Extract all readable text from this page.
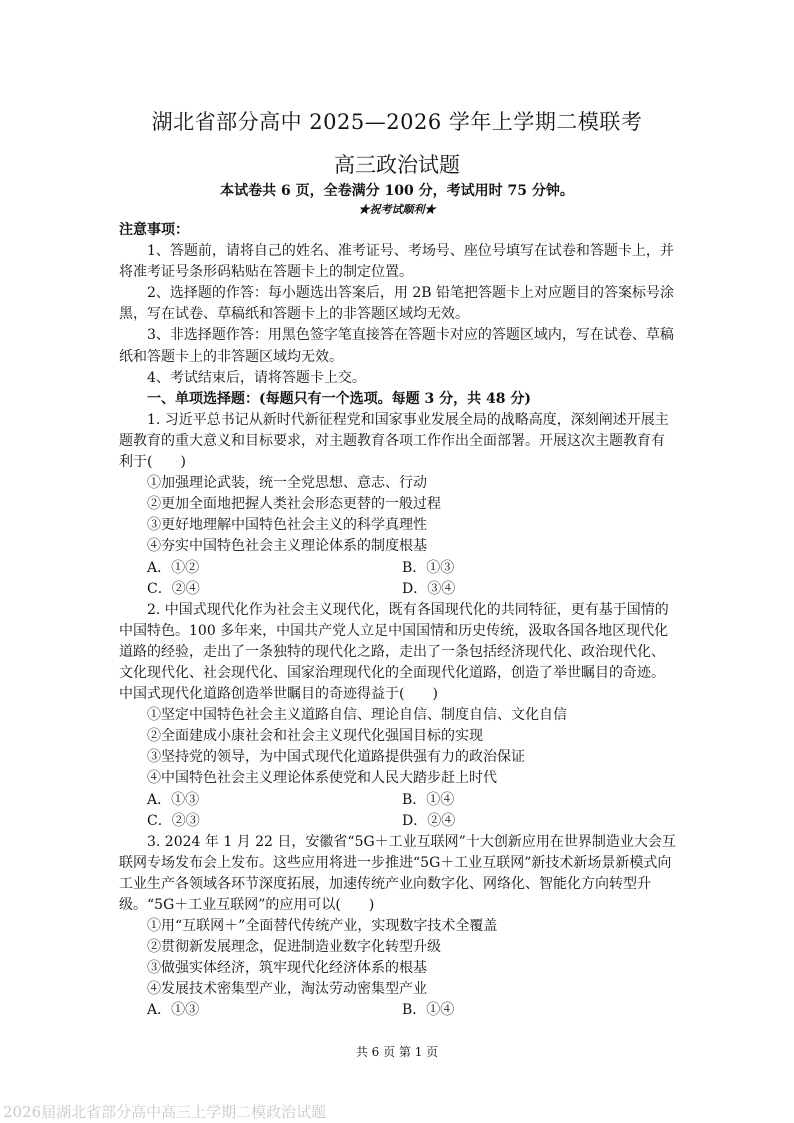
湖北省部分高中 2025—2026 学年上学期二模联考
高三政治试题
本试卷共 6 页，全卷满分 100 分，考试用时 75 分钟。
★祝考试顺利★

注意事项：

1、答题前，请将自己的姓名、准考证号、考场号、座位号填写在试卷和答题卡上，并将准考证号条形码粘贴在答题卡上的制定位置。

2、选择题的作答：每小题选出答案后，用 2B 铅笔把答题卡上对应题目的答案标号涂黑，写在试卷、草稿纸和答题卡上的非答题区域均无效。

3、非选择题作答：用黑色签字笔直接答在答题卡对应的答题区域内，写在试卷、草稿纸和答题卡上的非答题区域均无效。

4、考试结束后，请将答题卡上交。

一、单项选择题：(每题只有一个选项。每题 3 分，共 48 分)

1. 习近平总书记从新时代新征程党和国家事业发展全局的战略高度，深刻阐述开展主题教育的重大意义和目标要求，对主题教育各项工作作出全面部署。开展这次主题教育有利于(　　)

①加强理论武装，统一全党思想、意志、行动

②更加全面地把握人类社会形态更替的一般过程

③更好地理解中国特色社会主义的科学真理性

④夯实中国特色社会主义理论体系的制度根基

A．①②	B．①③
C．②④	D．③④

2. 中国式现代化作为社会主义现代化，既有各国现代化的共同特征，更有基于国情的中国特色。100 多年来，中国共产党人立足中国国情和历史传统，汲取各国各地区现代化道路的经验，走出了一条独特的现代化之路，走出了一条包括经济现代化、政治现代化、文化现代化、社会现代化、国家治理现代化的全面现代化道路，创造了举世瞩目的奇迹。中国式现代化道路创造举世瞩目的奇迹得益于(　　)

①坚定中国特色社会主义道路自信、理论自信、制度自信、文化自信

②全面建成小康社会和社会主义现代化强国目标的实现

③坚持党的领导，为中国式现代化道路提供强有力的政治保证

④中国特色社会主义理论体系使党和人民大踏步赶上时代

A．①③	B．①④
C．②③	D．②④

3. 2024 年 1 月 22 日，安徽省“5G＋工业互联网”十大创新应用在世界制造业大会互联网专场发布会上发布。这些应用将进一步推进“5G＋工业互联网”新技术新场景新模式向工业生产各领域各环节深度拓展，加速传统产业向数字化、网络化、智能化方向转型升级。“5G＋工业互联网”的应用可以(　　)

①用“互联网＋”全面替代传统产业，实现数字技术全覆盖

②贯彻新发展理念，促进制造业数字化转型升级

③做强实体经济，筑牢现代化经济体系的根基

④发展技术密集型产业，淘汰劳动密集型产业

A．①③	B．①④
共 6 页 第 1 页
2026届湖北省部分高中高三上学期二模政治试题
